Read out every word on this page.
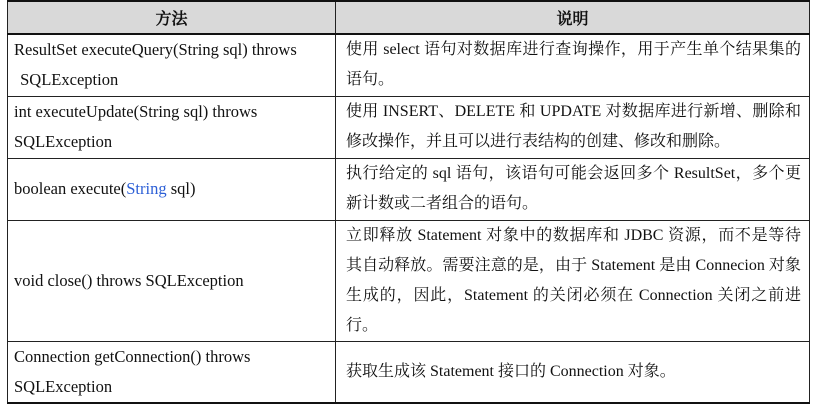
方法	说明

ResultSet executeQuery(String sql) throws
SQLException	使用 select 语句对数据库进行查询操作，用于产生单个结果集的语句。

int executeUpdate(String sql) throws
SQLException	使用 INSERT、DELETE 和 UPDATE 对数据库进行新增、删除和修改操作，并且可以进行表结构的创建、修改和删除。
boolean execute(String sql)	执行给定的 sql 语句，该语句可能会返回多个 ResultSet，多个更新计数或二者组合的语句。
void close() throws SQLException	立即释放 Statement 对象中的数据库和 JDBC 资源，而不是等待其自动释放。需要注意的是，由于 Statement 是由 Connecion 对象生成的，因此，Statement 的关闭必须在 Connection 关闭之前进行。

Connection getConnection() throws
SQLException	获取生成该 Statement 接口的 Connection 对象。
